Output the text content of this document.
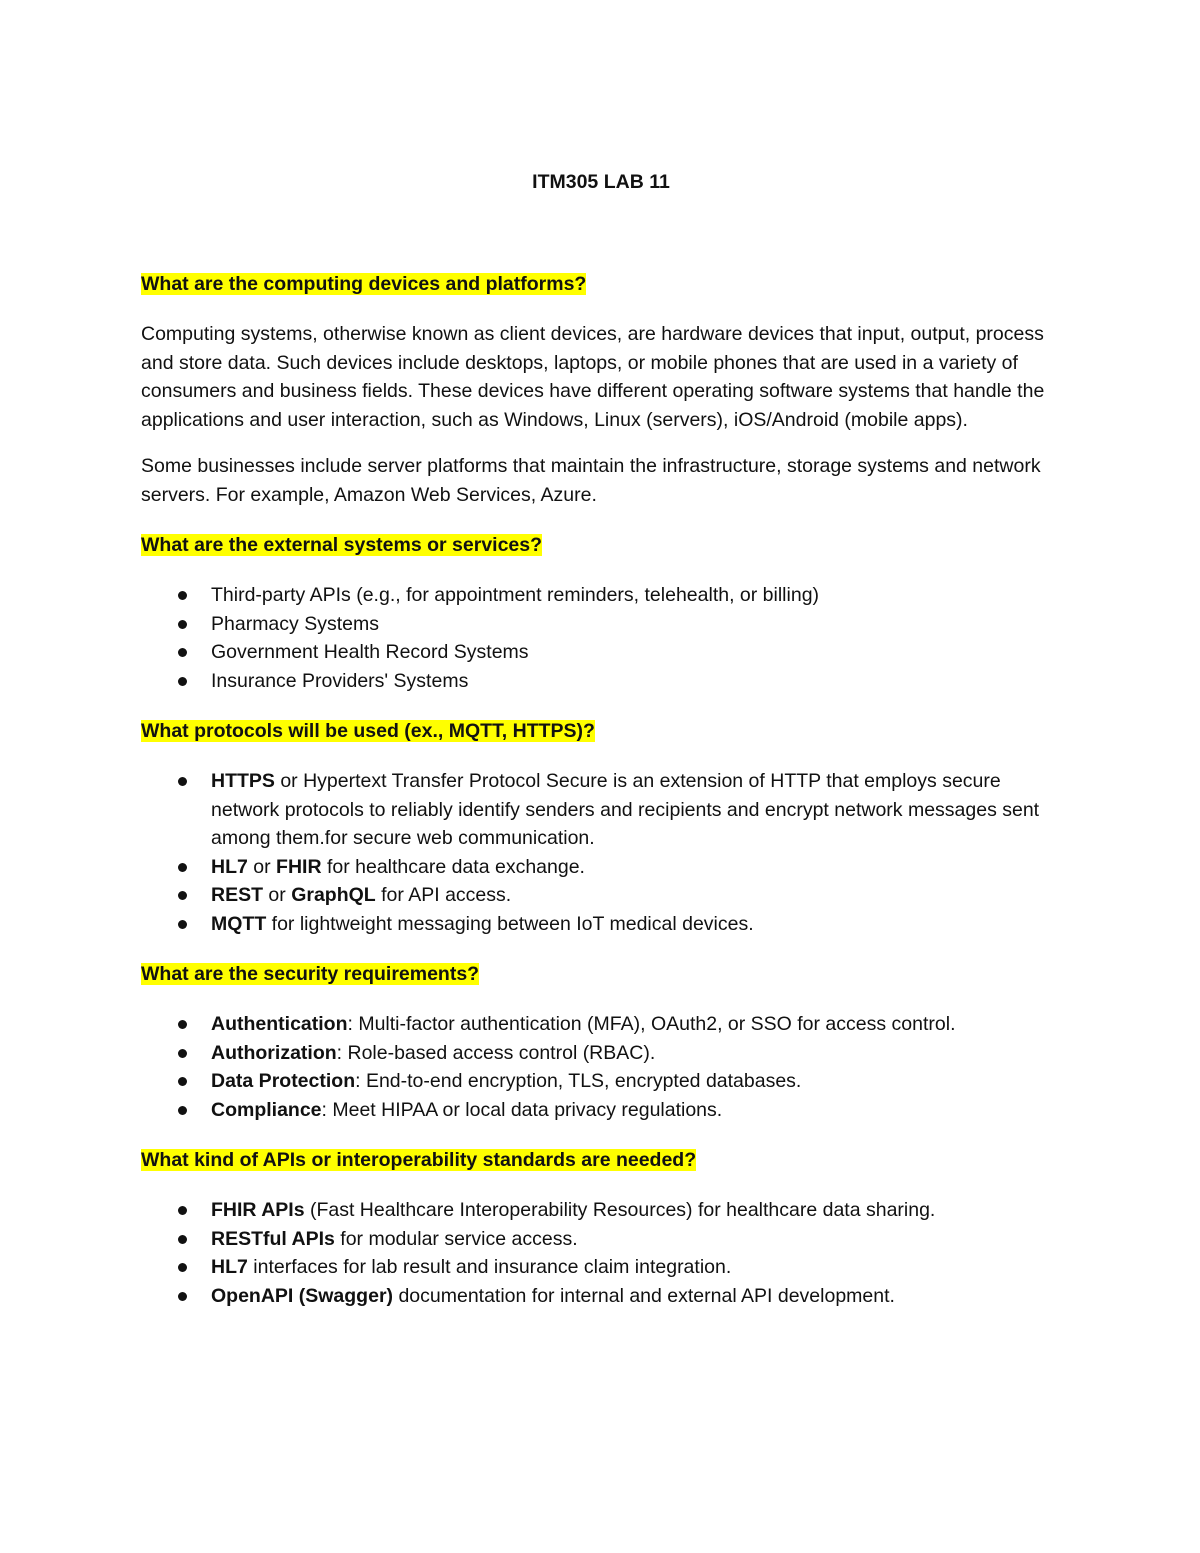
ITM305 LAB 11
What are the computing devices and platforms?

Computing systems, otherwise known as client devices, are hardware devices that input, output, process and store data. Such devices include desktops, laptops, or mobile phones that are used in a variety of consumers and business fields. These devices have different operating software systems that handle the applications and user interaction, such as Windows, Linux (servers), iOS/Android (mobile apps).

Some businesses include server platforms that maintain the infrastructure, storage systems and network servers. For example, Amazon Web Services, Azure.

What are the external systems or services?
Third-party APIs (e.g., for appointment reminders, telehealth, or billing)
Pharmacy Systems
Government Health Record Systems
Insurance Providers' Systems
What protocols will be used (ex., MQTT, HTTPS)?
HTTPS or Hypertext Transfer Protocol Secure is an extension of HTTP that employs secure network protocols to reliably identify senders and recipients and encrypt network messages sent among them.for secure web communication.
HL7 or FHIR for healthcare data exchange.
REST or GraphQL for API access.
MQTT for lightweight messaging between IoT medical devices.
What are the security requirements?
Authentication: Multi-factor authentication (MFA), OAuth2, or SSO for access control.
Authorization: Role-based access control (RBAC).
Data Protection: End-to-end encryption, TLS, encrypted databases.
Compliance: Meet HIPAA or local data privacy regulations.
What kind of APIs or interoperability standards are needed?
FHIR APIs (Fast Healthcare Interoperability Resources) for healthcare data sharing.
RESTful APIs for modular service access.
HL7 interfaces for lab result and insurance claim integration.
OpenAPI (Swagger) documentation for internal and external API development.
